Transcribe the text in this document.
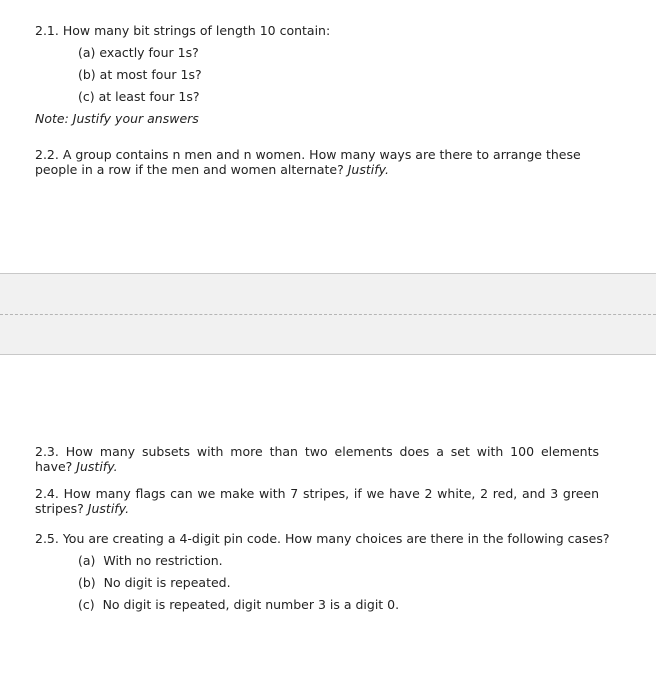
2.1. How many bit strings of length 10 contain:
(a) exactly four 1s?
(b) at most four 1s?
(c) at least four 1s?
Note: Justify your answers
2.2. A group contains n men and n women. How many ways are there to arrange these people in a row if the men and women alternate? Justify.
2.3. How many subsets with more than two elements does a set with 100 elements have? Justify.
2.4. How many flags can we make with 7 stripes, if we have 2 white, 2 red, and 3 green stripes? Justify.
2.5. You are creating a 4-digit pin code. How many choices are there in the following cases?
(a)  With no restriction.
(b)  No digit is repeated.
(c)  No digit is repeated, digit number 3 is a digit 0.
